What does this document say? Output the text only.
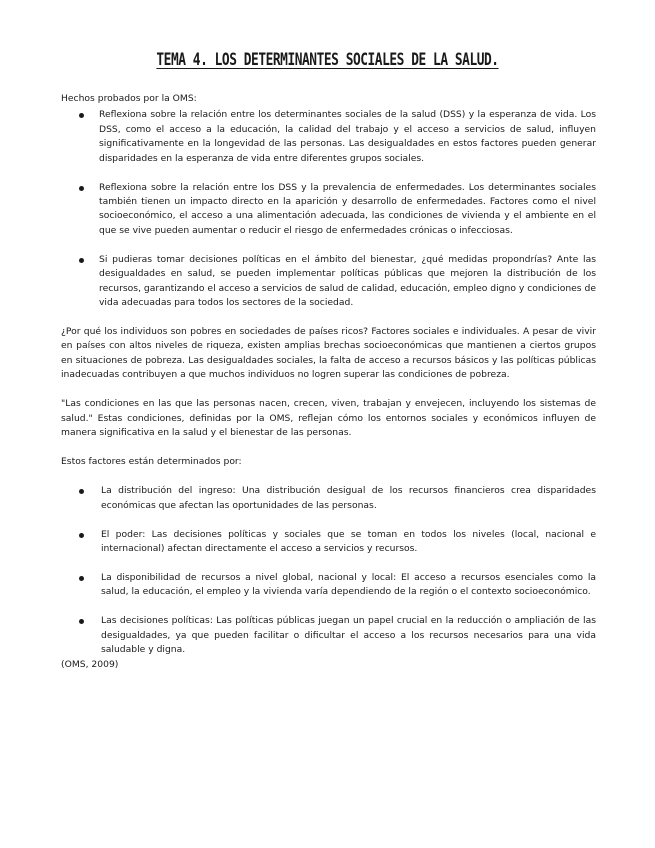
TEMA 4. LOS DETERMINANTES SOCIALES DE LA SALUD.

Hechos probados por la OMS:

Reflexiona sobre la relación entre los determinantes sociales de la salud (DSS) y la esperanza de vida. Los DSS, como el acceso a la educación, la calidad del trabajo y el acceso a servicios de salud, influyen significativamente en la longevidad de las personas. Las desigualdades en estos factores pueden generar disparidades en la esperanza de vida entre diferentes grupos sociales.
Reflexiona sobre la relación entre los DSS y la prevalencia de enfermedades. Los determinantes sociales también tienen un impacto directo en la aparición y desarrollo de enfermedades. Factores como el nivel socioeconómico, el acceso a una alimentación adecuada, las condiciones de vivienda y el ambiente en el que se vive pueden aumentar o reducir el riesgo de enfermedades crónicas o infecciosas.
Si pudieras tomar decisiones políticas en el ámbito del bienestar, ¿qué medidas propondrías? Ante las desigualdades en salud, se pueden implementar políticas públicas que mejoren la distribución de los recursos, garantizando el acceso a servicios de salud de calidad, educación, empleo digno y condiciones de vida adecuadas para todos los sectores de la sociedad.

¿Por qué los individuos son pobres en sociedades de países ricos? Factores sociales e individuales. A pesar de vivir en países con altos niveles de riqueza, existen amplias brechas socioeconómicas que mantienen a ciertos grupos en situaciones de pobreza. Las desigualdades sociales, la falta de acceso a recursos básicos y las políticas públicas inadecuadas contribuyen a que muchos individuos no logren superar las condiciones de pobreza.

"Las condiciones en las que las personas nacen, crecen, viven, trabajan y envejecen, incluyendo los sistemas de salud." Estas condiciones, definidas por la OMS, reflejan cómo los entornos sociales y económicos influyen de manera significativa en la salud y el bienestar de las personas.

Estos factores están determinados por:

La distribución del ingreso: Una distribución desigual de los recursos financieros crea disparidades económicas que afectan las oportunidades de las personas.
El poder: Las decisiones políticas y sociales que se toman en todos los niveles (local, nacional e internacional) afectan directamente el acceso a servicios y recursos.
La disponibilidad de recursos a nivel global, nacional y local: El acceso a recursos esenciales como la salud, la educación, el empleo y la vivienda varía dependiendo de la región o el contexto socioeconómico.
Las decisiones políticas: Las políticas públicas juegan un papel crucial en la reducción o ampliación de las desigualdades, ya que pueden facilitar o dificultar el acceso a los recursos necesarios para una vida saludable y digna.

(OMS, 2009)
